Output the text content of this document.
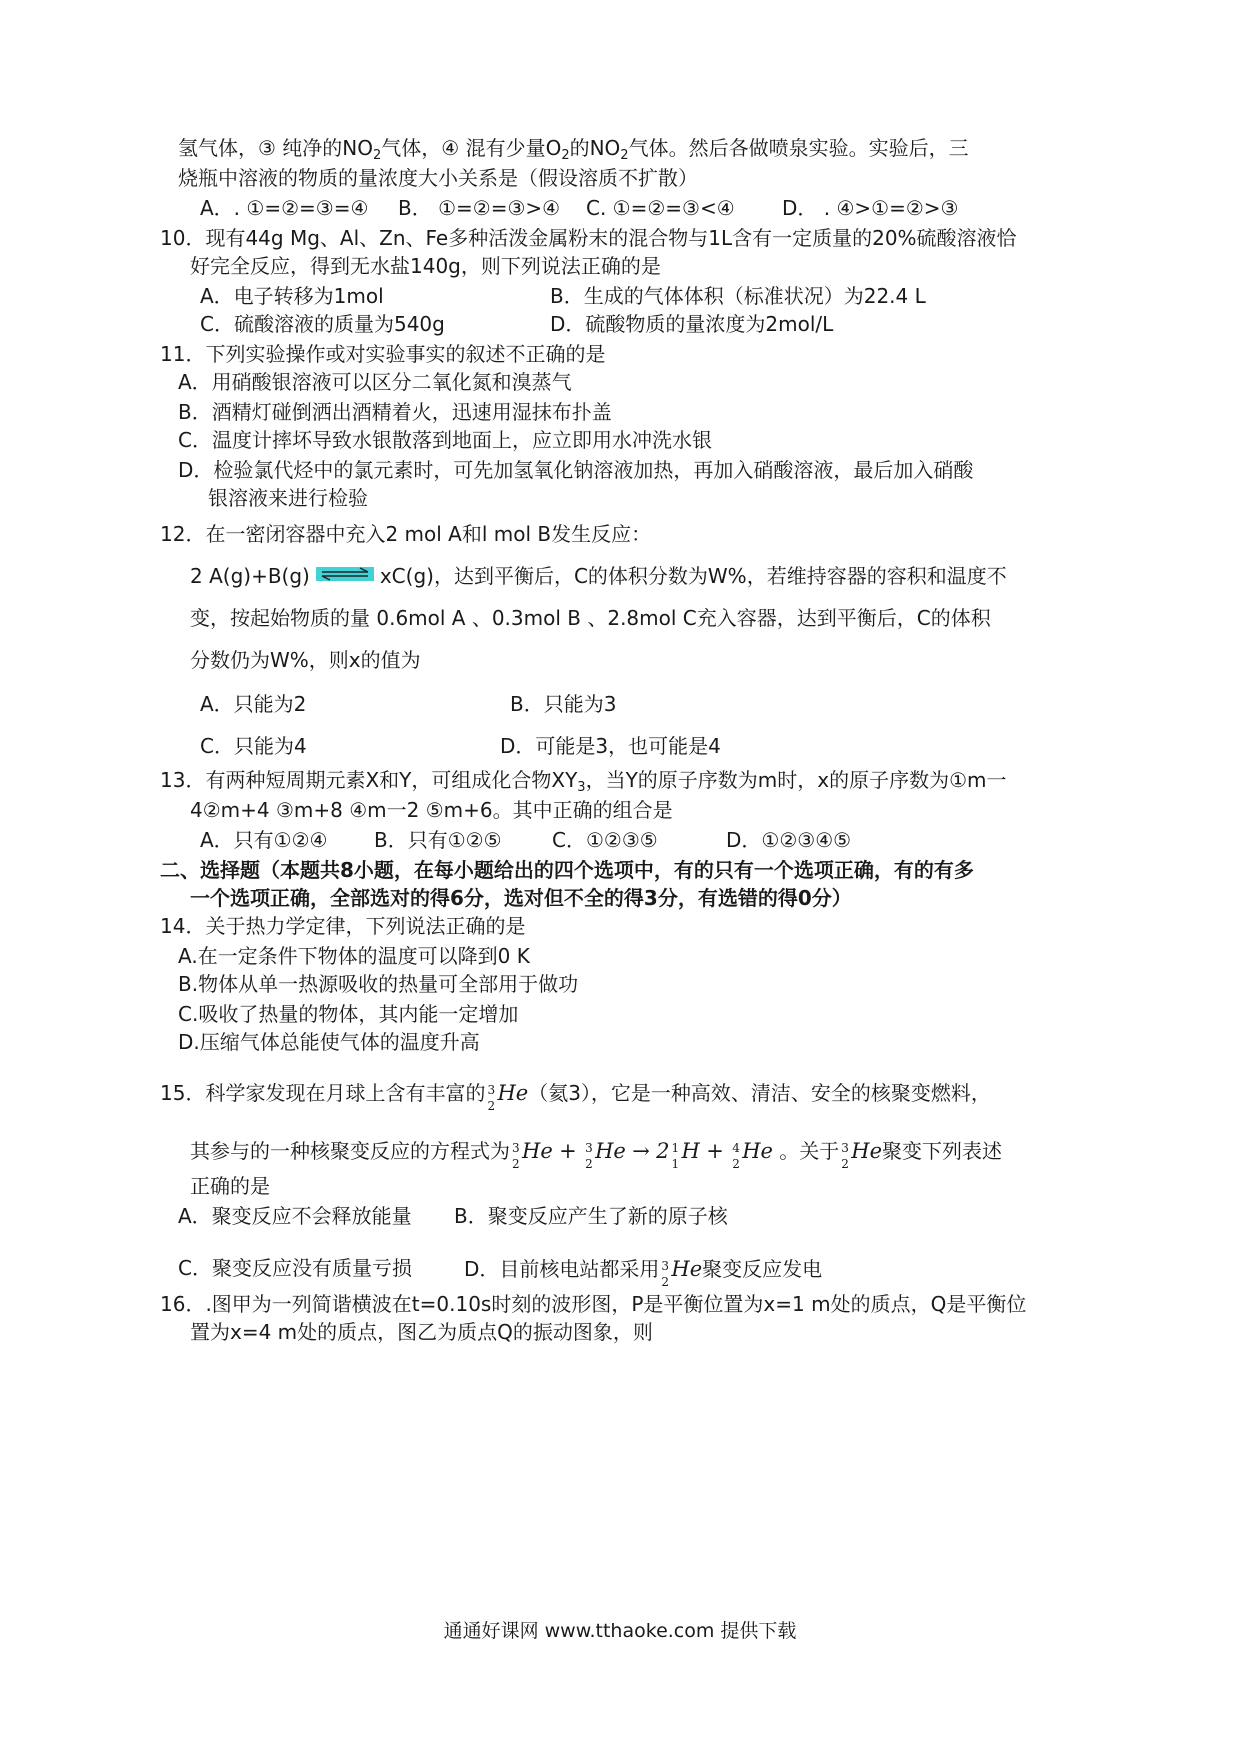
氢气体，③ 纯净的$NO_2$气体，④ 混有少量$O_2$的$NO_2$气体。然后各做喷泉实验。实验后，三
烧瓶中溶液的物质的量浓度大小关系是（假设溶质不扩散）
A．. ①=②=③=④ B． ①=②=③>④ C. ①=②=③<④ D． . ④>①=②>③
10．现有44g Mg、Al、Zn、Fe多种活泼金属粉末的混合物与1L含有一定质量的20%硫酸溶液恰
好完全反应，得到无水盐140g，则下列说法正确的是
A．电子转移为1mol	B．生成的气体体积（标准状况）为22.4 L
C．硫酸溶液的质量为540g	D．硫酸物质的量浓度为2mol/L
11．下列实验操作或对实验事实的叙述不正确的是
A．用硝酸银溶液可以区分二氧化氮和溴蒸气
B．酒精灯碰倒洒出酒精着火，迅速用湿抹布扑盖
C．温度计摔坏导致水银散落到地面上，应立即用水冲洗水银
D．检验氯代烃中的氯元素时，可先加氢氧化钠溶液加热，再加入硝酸溶液，最后加入硝酸
银溶液来进行检验
12．在一密闭容器中充入2 mol A和l mol B发生反应：
2 A(g)+B(g)	xC(g)，达到平衡后，C的体积分数为W%，若维持容器的容积和温度不
变，按起始物质的量 0.6mol A 、0.3mol B 、2.8mol C充入容器，达到平衡后，C的体积
分数仍为W%，则x的值为
A．只能为2	B．只能为3
C．只能为4	D．可能是3，也可能是4
13．有两种短周期元素X和Y，可组成化合物$XY_3$，当Y的原子序数为m时，x的原子序数为①m一
4②m+4 ③m+8 ④m一2 ⑤m+6。其中正确的组合是
A．只有①②④ B．只有①②⑤	C．①②③⑤	D．①②③④⑤
二、选择题（本题共8小题，在每小题给出的四个选项中，有的只有一个选项正确，有的有多
一个选项正确，全部选对的得6分，选对但不全的得3分，有选错的得0分）
14．关于热力学定律，下列说法正确的是
A.在一定条件下物体的温度可以降到0 K
B.物体从单一热源吸收的热量可全部用于做功
C.吸收了热量的物体，其内能一定增加
D.压缩气体总能使气体的温度升高
15．科学家发现在月球上含有丰富的 3
2
He（氦3），它是一种高效、清洁、安全的核聚变燃料，
其参与的一种核聚变反应的方程式为 3
2
He + 3
2
He → 2 1
1
H + 4
2
He 。关于 3
2
He聚变下列表述
正确的是
A．聚变反应不会释放能量 B．聚变反应产生了新的原子核
C．聚变反应没有质量亏损	D．目前核电站都采用 3
2
He聚变反应发电
16．.图甲为一列简谐横波在t=0.10s时刻的波形图，P是平衡位置为x=1 m处的质点，Q是平衡位
置为x=4 m处的质点，图乙为质点Q的振动图象，则
通通好课网 www.tthaoke.com 提供下载
